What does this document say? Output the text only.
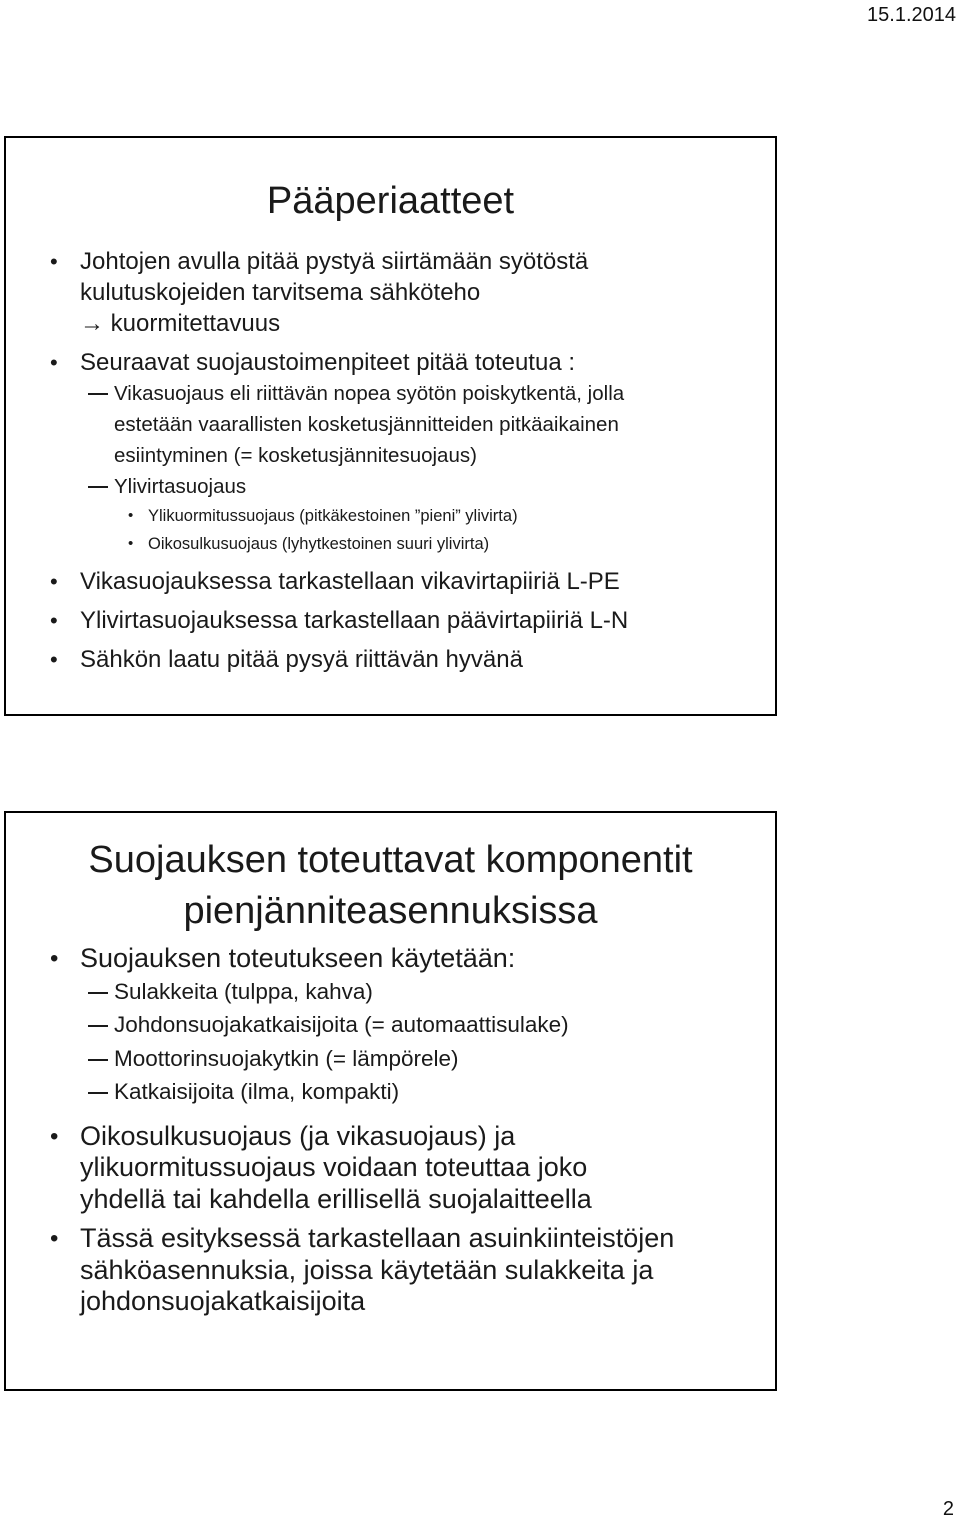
15.1.2014
Pääperiaatteet
• Johtojen avulla pitää pystyä siirtämään syötöstä
kulutuskojeiden tarvitsema sähköteho
→ kuormitettavuus
• Seuraavat suojaustoimenpiteet pitää toteutua :
Vikasuojaus eli riittävän nopea syötön poiskytkentä, jolla
estetään vaarallisten kosketusjännitteiden pitkäaikainen
esiintyminen (= kosketusjännitesuojaus)
Ylivirtasuojaus
• Ylikuormitussuojaus (pitkäkestoinen ”pieni” ylivirta)
• Oikosulkusuojaus (lyhytkestoinen suuri ylivirta)
• Vikasuojauksessa tarkastellaan vikavirtapiiriä L-PE
• Ylivirtasuojauksessa tarkastellaan päävirtapiiriä L-N
• Sähkön laatu pitää pysyä riittävän hyvänä
Suojauksen toteuttavat komponentit
pienjänniteasennuksissa
• Suojauksen toteutukseen käytetään:
Sulakkeita (tulppa, kahva)
Johdonsuojakatkaisijoita (= automaattisulake)
Moottorinsuojakytkin (= lämpörele)
Katkaisijoita (ilma, kompakti)
• Oikosulkusuojaus (ja vikasuojaus) ja
ylikuormitussuojaus voidaan toteuttaa joko
yhdellä tai kahdella erillisellä suojalaitteella
• Tässä esityksessä tarkastellaan asuinkiinteistöjen
sähköasennuksia, joissa käytetään sulakkeita ja
johdonsuojakatkaisijoita
2
